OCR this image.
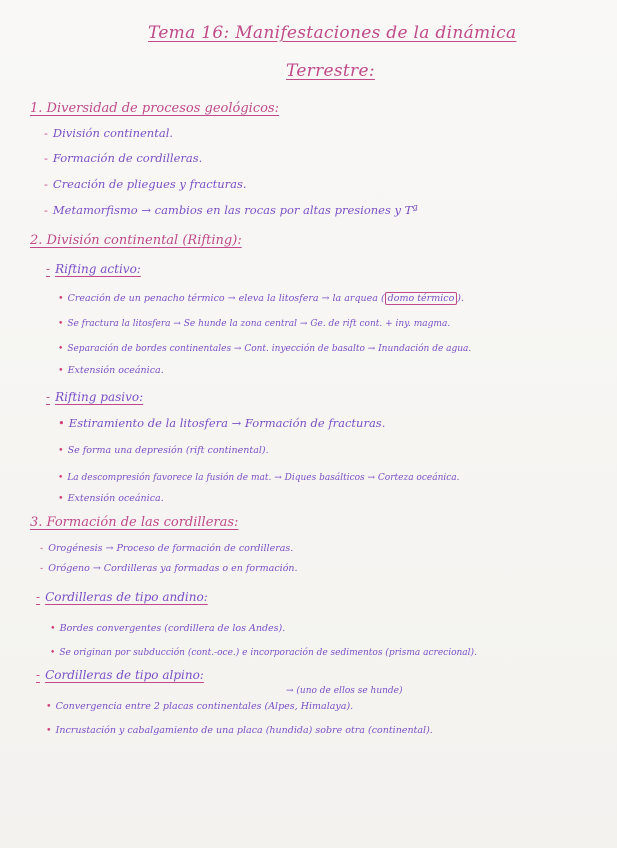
Tema 16: Manifestaciones de la dinámica
Terrestre:
1. Diversidad de procesos geológicos:
- División continental.
- Formación de cordilleras.
- Creación de pliegues y fracturas.
- Metamorfismo → cambios en las rocas por altas presiones y Tª
2. División continental (Rifting):
- Rifting activo:
• Creación de un penacho térmico → eleva la litosfera → la arquea ( domo térmico ).
• Se fractura la litosfera → Se hunde la zona central → Ge. de rift cont. + iny. magma.
• Separación de bordes continentales → Cont. inyección de basalto → Inundación de agua.
• Extensión oceánica.
- Rifting pasivo:
• Estiramiento de la litosfera → Formación de fracturas.
• Se forma una depresión (rift continental).
• La descompresión favorece la fusión de mat. → Diques basálticos → Corteza oceánica.
• Extensión oceánica.
3. Formación de las cordilleras:
- Orogénesis → Proceso de formación de cordilleras.
- Orógeno → Cordilleras ya formadas o en formación.
- Cordilleras de tipo andino:
• Bordes convergentes (cordillera de los Andes).
• Se originan por subducción (cont.-oce.) e incorporación de sedimentos (prisma acrecional).
- Cordilleras de tipo alpino:
→ (uno de ellos se hunde)
• Convergencia entre 2 placas continentales (Alpes, Himalaya).
• Incrustación y cabalgamiento de una placa (hundida) sobre otra (continental).
